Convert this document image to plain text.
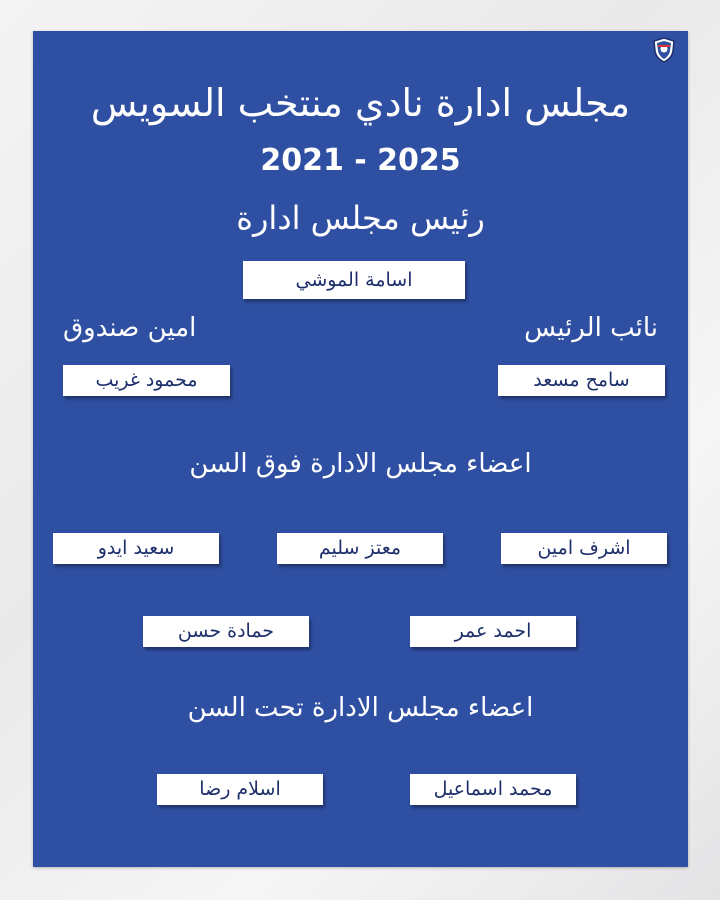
مجلس ادارة نادي منتخب السويس
2021 - 2025
رئيس مجلس ادارة
اسامة الموشي
نائب الرئيس
امين صندوق
سامح مسعد
محمود غريب
اعضاء مجلس الادارة فوق السن
اشرف امين
معتز سليم
سعيد ايدو
احمد عمر
حمادة حسن
اعضاء مجلس الادارة تحت السن
محمد اسماعيل
اسلام رضا
